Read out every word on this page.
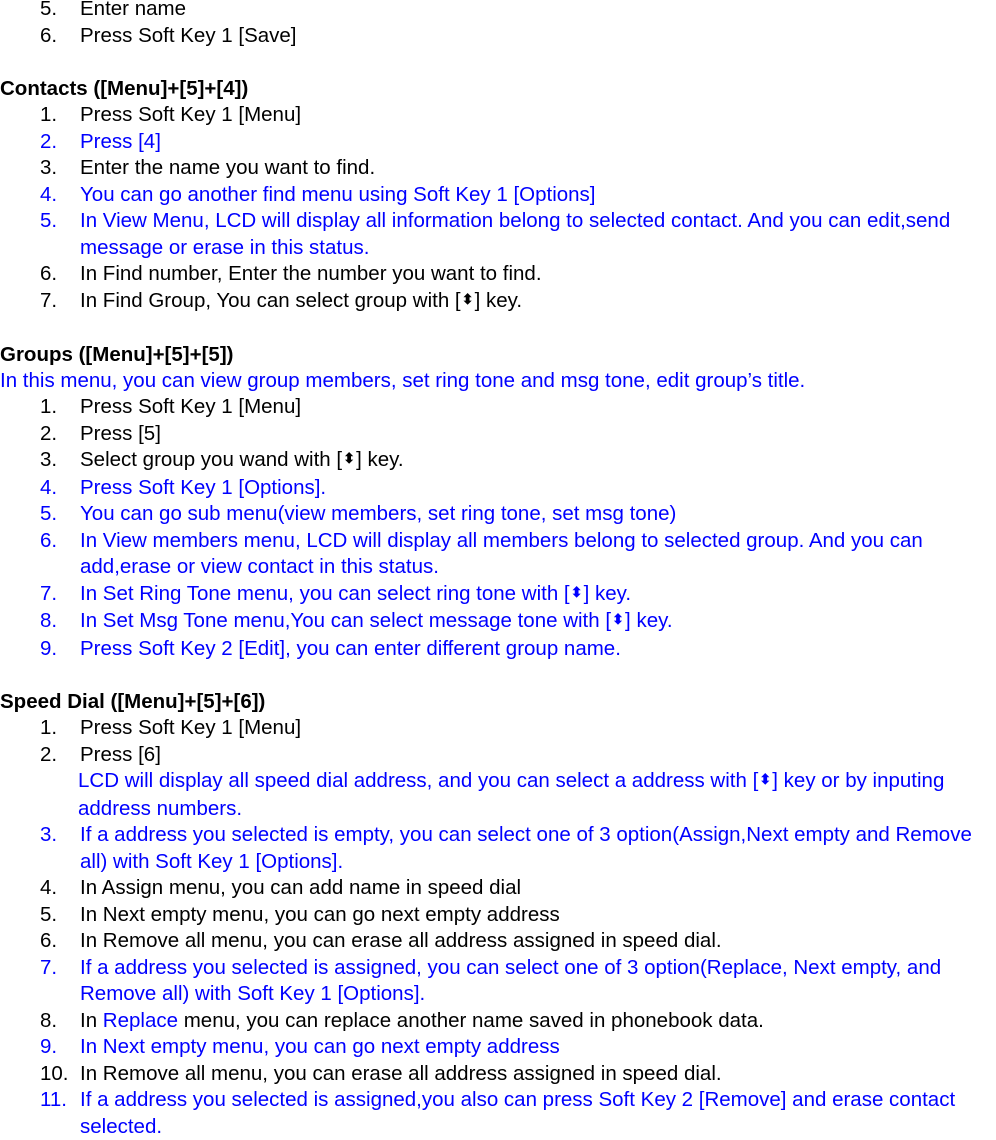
5.	Enter name
6.	Press Soft Key 1 [Save]
Contacts ([Menu]+[5]+[4])
1.	Press Soft Key 1 [Menu]
2.	Press [4]
3.	Enter the name you want to find.
4.	You can go another find menu using Soft Key 1 [Options]
5.	In View Menu, LCD will display all information belong to selected contact. And you can edit,send message or erase in this status.
6.	In Find number, Enter the number you want to find.
7.	In Find Group, You can select group with [⬍] key.
Groups ([Menu]+[5]+[5])
In this menu, you can view group members, set ring tone and msg tone, edit group’s title.
1.	Press Soft Key 1 [Menu]
2.	Press [5]
3.	Select group you wand with [⬍] key.
4.	Press Soft Key 1 [Options].
5.	You can go sub menu(view members, set ring tone, set msg tone)
6.	In View members menu, LCD will display all members belong to selected group. And you can add,erase or view contact in this status.
7.	In Set Ring Tone menu, you can select ring tone with [⬍] key.
8.	In Set Msg Tone menu,You can select message tone with [⬍] key.
9.	Press Soft Key 2 [Edit], you can enter different group name.
Speed Dial ([Menu]+[5]+[6])
1.	Press Soft Key 1 [Menu]
2.	Press [6]
LCD will display all speed dial address, and you can select a address with [⬍] key or by inputing address numbers.
3.	If a address you selected is empty, you can select one of 3 option(Assign,Next empty and Remove all) with Soft Key 1 [Options].
4.	In Assign menu, you can add name in speed dial
5.	In Next empty menu, you can go next empty address
6.	In Remove all menu, you can erase all address assigned in speed dial.
7.	If a address you selected is assigned, you can select one of 3 option(Replace, Next empty, and Remove all) with Soft Key 1 [Options].
8.	In Replace menu, you can replace another name saved in phonebook data.
9.	In Next empty menu, you can go next empty address
10. In Remove all menu, you can erase all address assigned in speed dial.
11. If a address you selected is assigned,you also can press Soft Key 2 [Remove] and erase contact selected.
